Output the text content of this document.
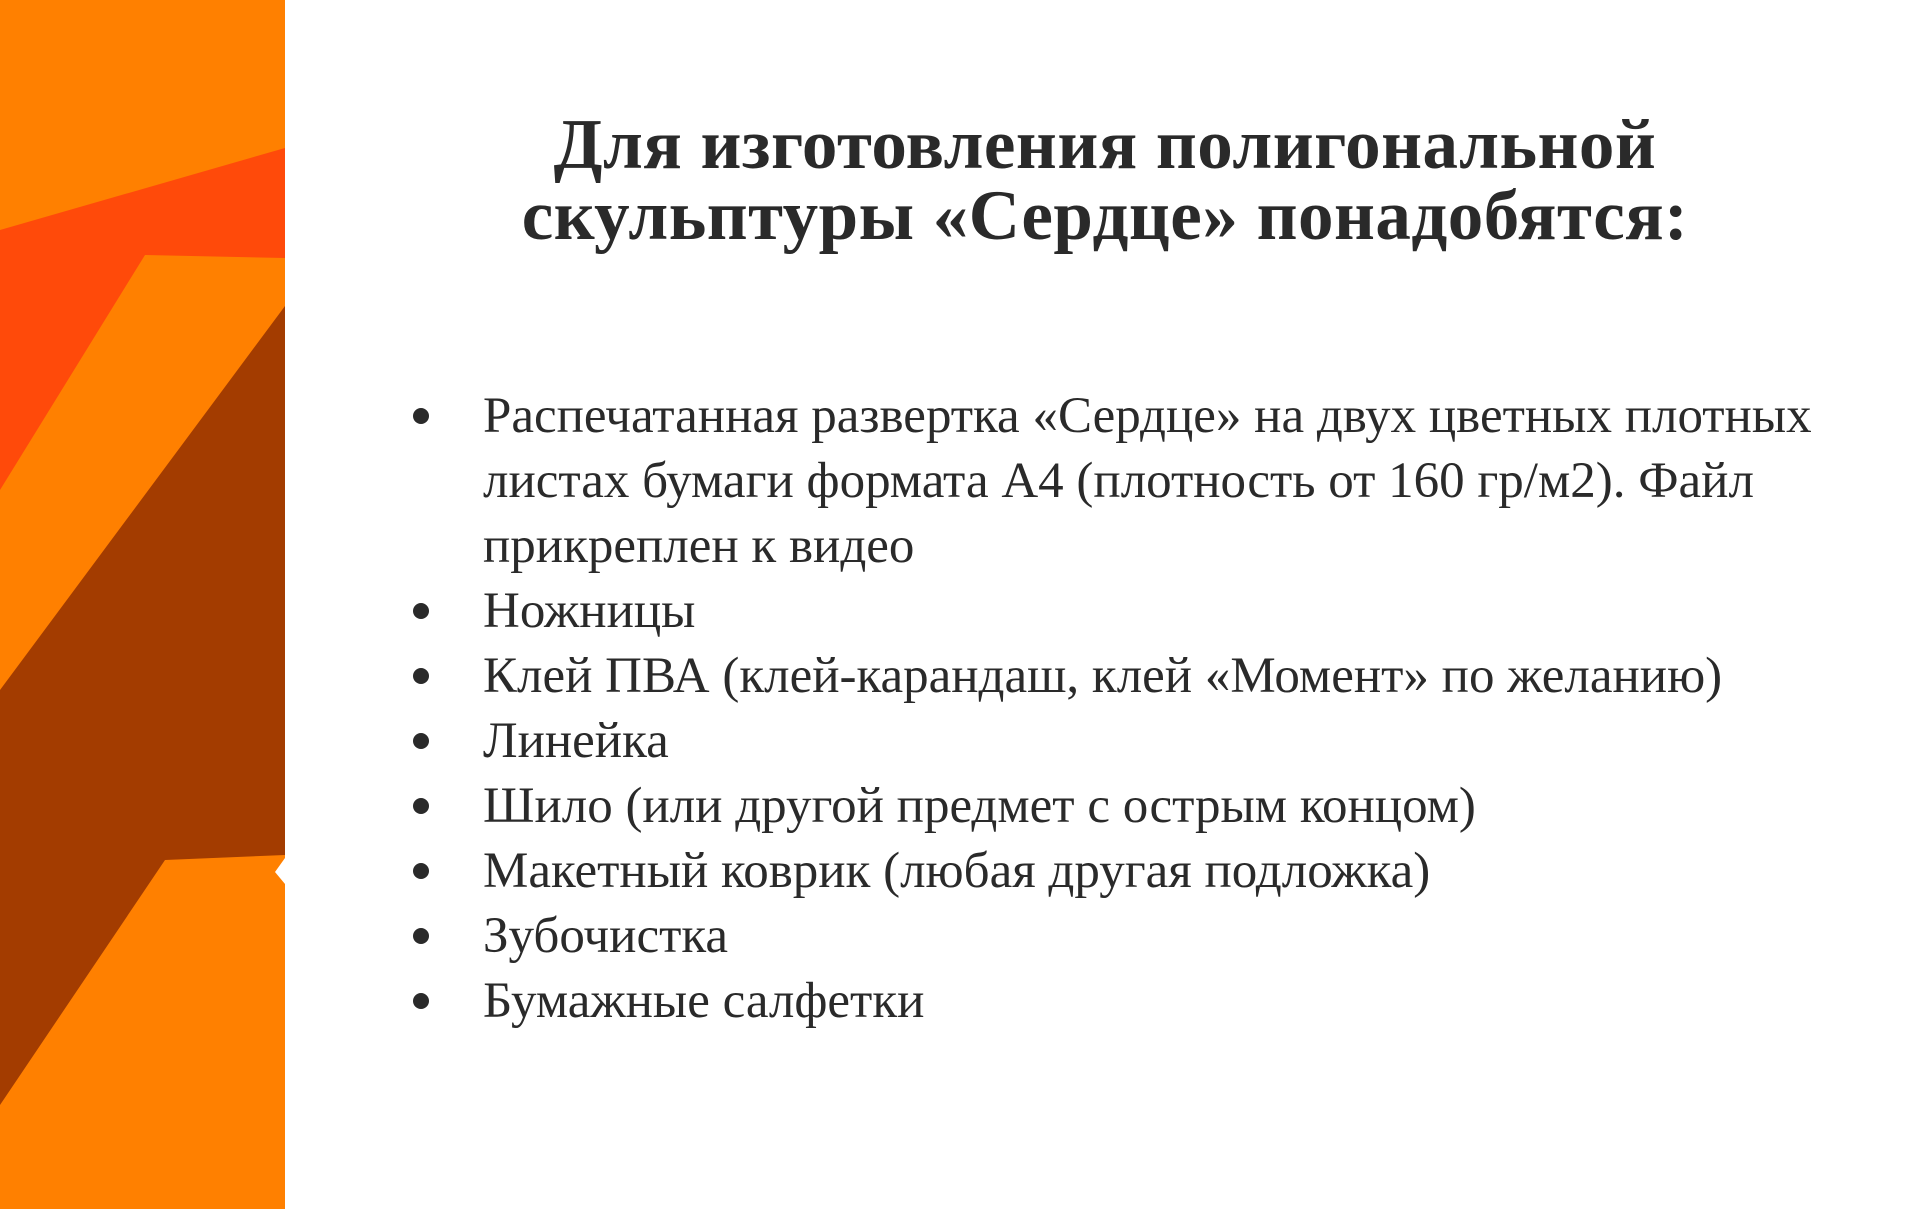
Для изготовления полигональной
скульптуры «Сердце» понадобятся:
Распечатанная развертка «Сердце» на двух цветных плотных листах бумаги формата А4 (плотность от 160 гр/м2). Файл прикреплен к видео
Ножницы
Клей ПВА (клей-карандаш, клей «Момент» по желанию)
Линейка
Шило (или другой предмет с острым концом)
Макетный коврик (любая другая подложка)
Зубочистка
Бумажные салфетки
